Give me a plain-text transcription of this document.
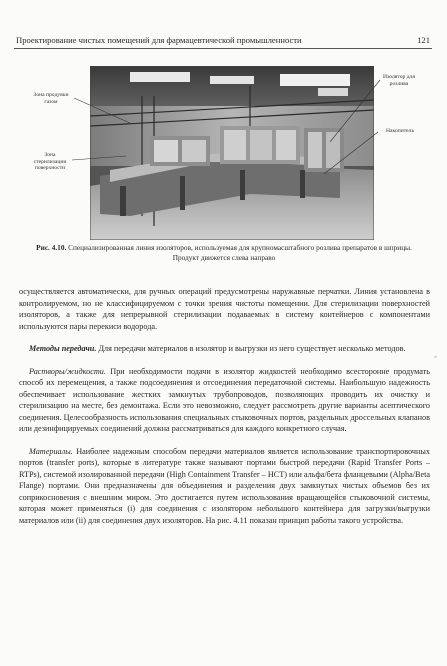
Проектирование чистых помещений для фармацевтической промышленности	121
Зона продувки газом
Зона стерилизации поверхности
Изолятор для розлива
Накопитель
Рис. 4.10. Специализированная линия изоляторов, используемая для крупномасштабного розлива препаратов в шприцы. Продукт движется слева направо

осуществляется автоматически, для ручных операций предусмотрены наружавные перчатки. Линия установлена в контролируемом, но не классифицируемом с точки зрения чистоты помещении. Для стерилизации поверхностей изоляторов, а также для непрерывной стерилизации подаваемых в систему контейнеров с компонентами используются пары перекиси водорода.

Методы передачи. Для передачи материалов в изолятор и выгрузки из него существует несколько методов.

Растворы/жидкости. При необходимости подачи в изолятор жидкостей необходимо всесторонне продумать способ их перемещения, а также подсоединения и отсоединения передаточной системы. Наибольшую надежность обеспечивает использование жестких замкнутых трубопроводов, позволяющих проводить их очистку и стерилизацию на месте, без демонтажа. Если это невозможно, следует рассмотреть другие варианты асептического соединения. Целесообразность использования специальных стыковочных портов, раздельных дроссельных клапанов или дезинфицируемых соединений должна рассматриваться для каждого конкретного случая.

Материалы. Наиболее надежным способом передачи материалов является использование транспортировочных портов (transfer ports), которые в литературе также называют портами быстрой передачи (Rapid Transfer Ports – RTPs), системой изолированной передачи (High Containment Transfer – HCT) или альфа/бета фланцевыми (Alpha/Beta Flange) портами. Они предназначены для объединения и разделения двух замкнутых чистых объемов без их соприкосновения с внешним миром. Это достигается путем использования вращающейся стыковочной системы, которая может применяться (i) для соединения с изолятором небольшого контейнера для загрузки/выгрузки материалов или (ii) для соединения двух изоляторов. На рис. 4.11 показан принцип работы такого устройства.

»
